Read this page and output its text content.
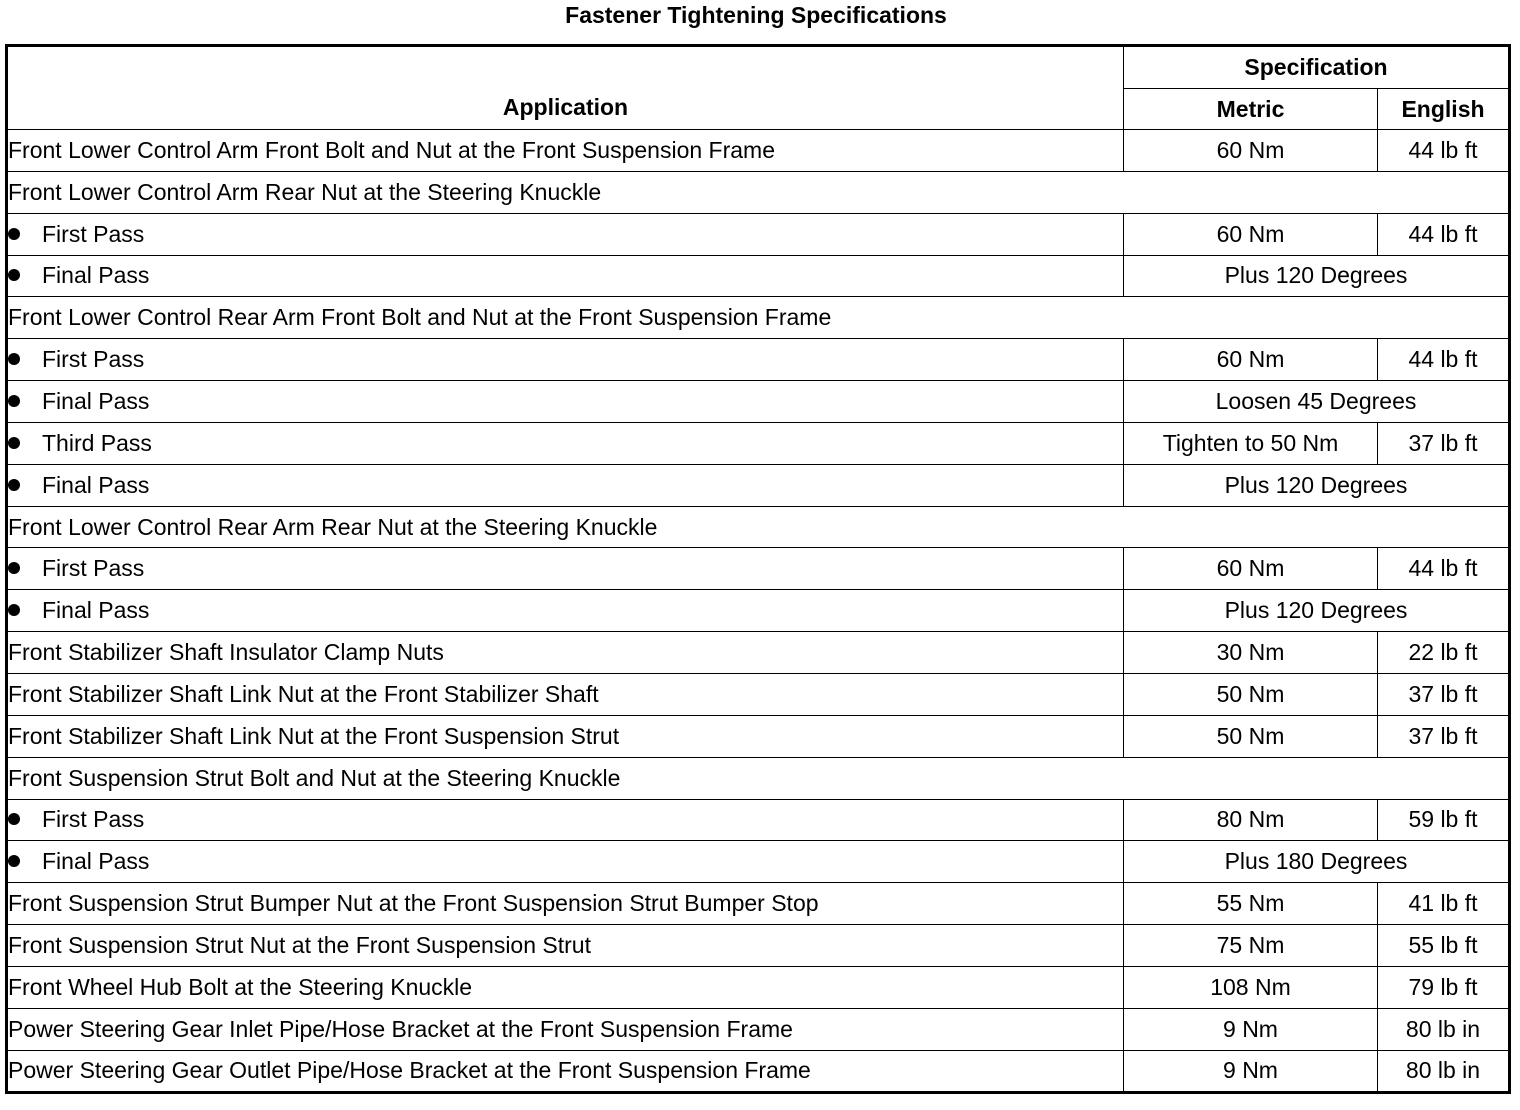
Fastener Tightening Specifications
Application	Specification	
	Metric	English
Front Lower Control Arm Front Bolt and Nut at the Front Suspension Frame	60 Nm	44 lb ft
Front Lower Control Arm Rear Nut at the Steering Knuckle		
First Pass	60 Nm	44 lb ft
Final Pass	Plus 120 Degrees	
Front Lower Control Rear Arm Front Bolt and Nut at the Front Suspension Frame		
First Pass	60 Nm	44 lb ft
Final Pass	Loosen 45 Degrees	
Third Pass	Tighten to 50 Nm	37 lb ft
Final Pass	Plus 120 Degrees	
Front Lower Control Rear Arm Rear Nut at the Steering Knuckle		
First Pass	60 Nm	44 lb ft
Final Pass	Plus 120 Degrees	
Front Stabilizer Shaft Insulator Clamp Nuts	30 Nm	22 lb ft
Front Stabilizer Shaft Link Nut at the Front Stabilizer Shaft	50 Nm	37 lb ft
Front Stabilizer Shaft Link Nut at the Front Suspension Strut	50 Nm	37 lb ft
Front Suspension Strut Bolt and Nut at the Steering Knuckle		
First Pass	80 Nm	59 lb ft
Final Pass	Plus 180 Degrees	
Front Suspension Strut Bumper Nut at the Front Suspension Strut Bumper Stop	55 Nm	41 lb ft
Front Suspension Strut Nut at the Front Suspension Strut	75 Nm	55 lb ft
Front Wheel Hub Bolt at the Steering Knuckle	108 Nm	79 lb ft
Power Steering Gear Inlet Pipe/Hose Bracket at the Front Suspension Frame	9 Nm	80 lb in
Power Steering Gear Outlet Pipe/Hose Bracket at the Front Suspension Frame	9 Nm	80 lb in
